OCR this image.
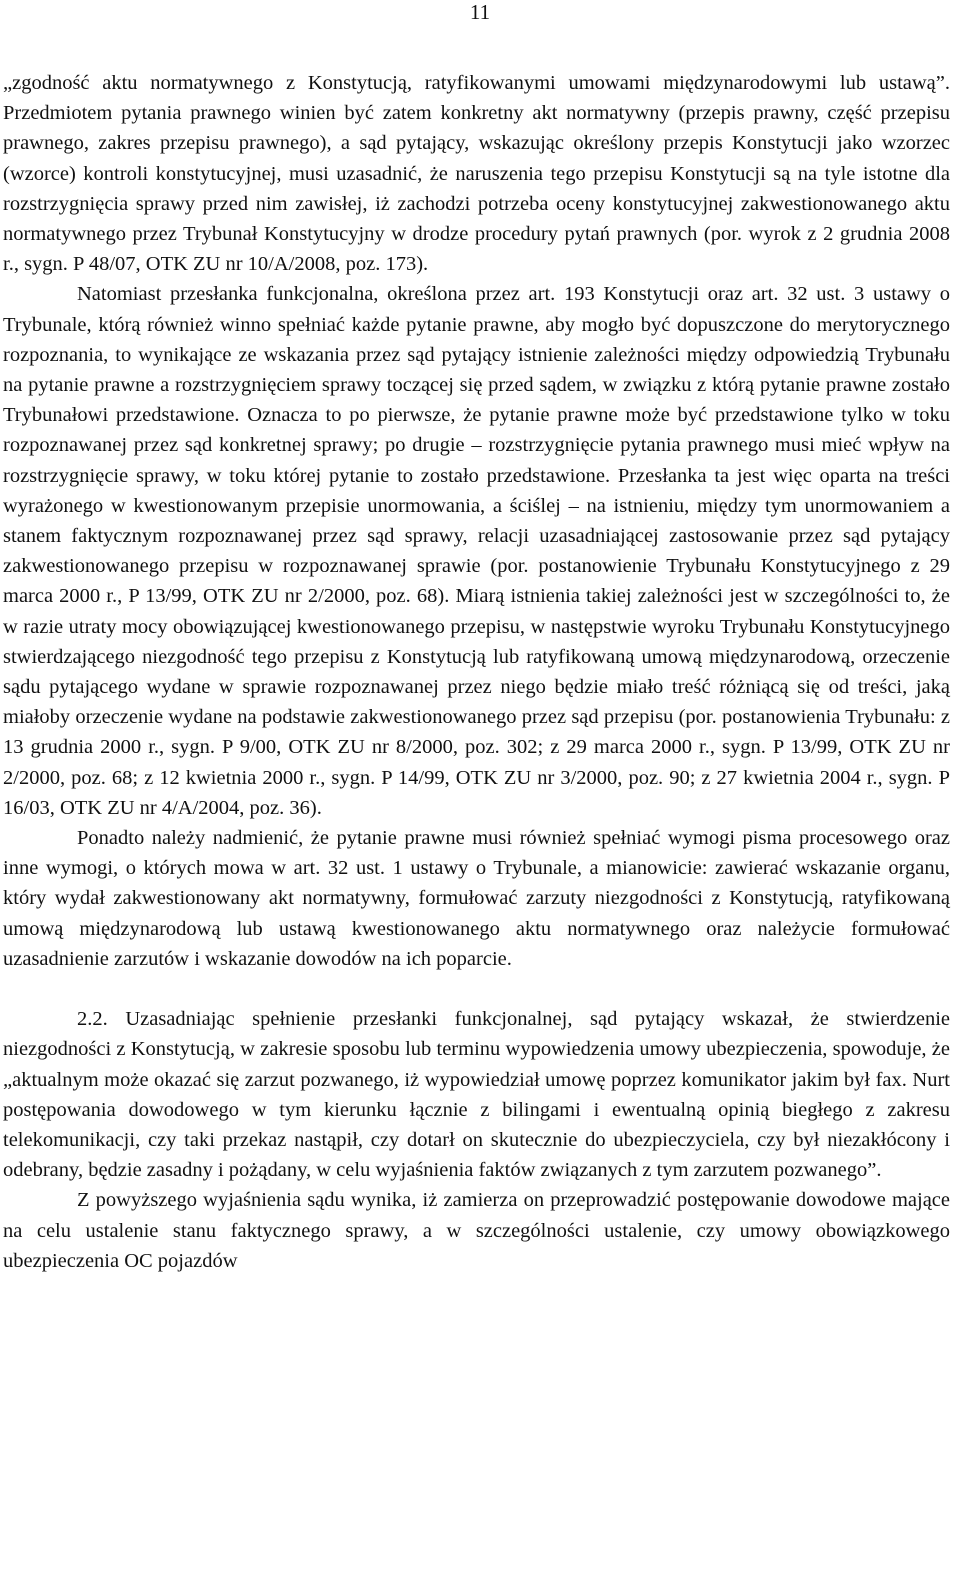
11

„zgodność aktu normatywnego z Konstytucją, ratyfikowanymi umowami międzynarodowymi lub ustawą”. Przedmiotem pytania prawnego winien być zatem konkretny akt normatywny (przepis prawny, część przepisu prawnego, zakres przepisu prawnego), a sąd pytający, wskazując określony przepis Konstytucji jako wzorzec (wzorce) kontroli konstytucyjnej, musi uzasadnić, że naruszenia tego przepisu Konstytucji są na tyle istotne dla rozstrzygnięcia sprawy przed nim zawisłej, iż zachodzi potrzeba oceny konstytucyjnej zakwestionowanego aktu normatywnego przez Trybunał Konstytucyjny w drodze procedury pytań prawnych (por. wyrok z 2 grudnia 2008 r., sygn. P 48/07, OTK ZU nr 10/A/2008, poz. 173).

Natomiast przesłanka funkcjonalna, określona przez art. 193 Konstytucji oraz art. 32 ust. 3 ustawy o Trybunale, którą również winno spełniać każde pytanie prawne, aby mogło być dopuszczone do merytorycznego rozpoznania, to wynikające ze wskazania przez sąd pytający istnienie zależności między odpowiedzią Trybunału na pytanie prawne a rozstrzygnięciem sprawy toczącej się przed sądem, w związku z którą pytanie prawne zostało Trybunałowi przedstawione. Oznacza to po pierwsze, że pytanie prawne może być przedstawione tylko w toku rozpoznawanej przez sąd konkretnej sprawy; po drugie – rozstrzygnięcie pytania prawnego musi mieć wpływ na rozstrzygnięcie sprawy, w toku której pytanie to zostało przedstawione. Przesłanka ta jest więc oparta na treści wyrażonego w kwestionowanym przepisie unormowania, a ściślej – na istnieniu, między tym unormowaniem a stanem faktycznym rozpoznawanej przez sąd sprawy, relacji uzasadniającej zastosowanie przez sąd pytający zakwestionowanego przepisu w rozpoznawanej sprawie (por. postanowienie Trybunału Konstytucyjnego z 29 marca 2000 r., P 13/99, OTK ZU nr 2/2000, poz. 68). Miarą istnienia takiej zależności jest w szczególności to, że w razie utraty mocy obowiązującej kwestionowanego przepisu, w następstwie wyroku Trybunału Konstytucyjnego stwierdzającego niezgodność tego przepisu z Konstytucją lub ratyfikowaną umową międzynarodową, orzeczenie sądu pytającego wydane w sprawie rozpoznawanej przez niego będzie miało treść różniącą się od treści, jaką miałoby orzeczenie wydane na podstawie zakwestionowanego przez sąd przepisu (por. postanowienia Trybunału: z 13 grudnia 2000 r., sygn. P 9/00, OTK ZU nr 8/2000, poz. 302; z 29 marca 2000 r., sygn. P 13/99, OTK ZU nr 2/2000, poz. 68; z 12 kwietnia 2000 r., sygn. P 14/99, OTK ZU nr 3/2000, poz. 90; z 27 kwietnia 2004 r., sygn. P 16/03, OTK ZU nr 4/A/2004, poz. 36).

Ponadto należy nadmienić, że pytanie prawne musi również spełniać wymogi pisma procesowego oraz inne wymogi, o których mowa w art. 32 ust. 1 ustawy o Trybunale, a mianowicie: zawierać wskazanie organu, który wydał zakwestionowany akt normatywny, formułować zarzuty niezgodności z Konstytucją, ratyfikowaną umową międzynarodową lub ustawą kwestionowanego aktu normatywnego oraz należycie formułować uzasadnienie zarzutów i wskazanie dowodów na ich poparcie.

2.2. Uzasadniając spełnienie przesłanki funkcjonalnej, sąd pytający wskazał, że stwierdzenie niezgodności z Konstytucją, w zakresie sposobu lub terminu wypowiedzenia umowy ubezpieczenia, spowoduje, że „aktualnym może okazać się zarzut pozwanego, iż wypowiedział umowę poprzez komunikator jakim był fax. Nurt postępowania dowodowego w tym kierunku łącznie z bilingami i ewentualną opinią biegłego z zakresu telekomunikacji, czy taki przekaz nastąpił, czy dotarł on skutecznie do ubezpieczyciela, czy był niezakłócony i odebrany, będzie zasadny i pożądany, w celu wyjaśnienia faktów związanych z tym zarzutem pozwanego”.

Z powyższego wyjaśnienia sądu wynika, iż zamierza on przeprowadzić postępowanie dowodowe mające na celu ustalenie stanu faktycznego sprawy, a w szczególności ustalenie, czy umowy obowiązkowego ubezpieczenia OC pojazdów
